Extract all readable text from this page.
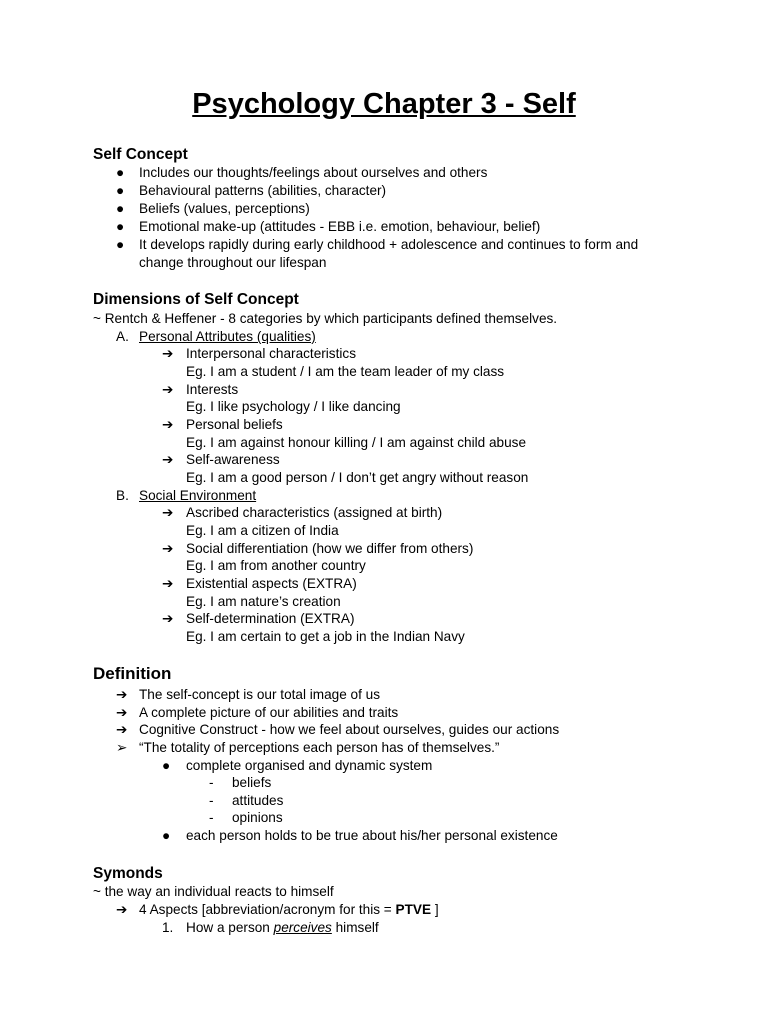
Psychology Chapter 3 - Self
Self Concept
● Includes our thoughts/feelings about ourselves and others

● Behavioural patterns (abilities, character)

● Beliefs (values, perceptions)

● Emotional make-up (attitudes - EBB i.e. emotion, behaviour, belief)

● It develops rapidly during early childhood + adolescence and continues to form and

change throughout our lifespan

Dimensions of Self Concept

~ Rentch & Heffener - 8 categories by which participants defined themselves.

A. Personal Attributes (qualities)

➔ Interpersonal characteristics

Eg. I am a student / I am the team leader of my class

➔ Interests

Eg. I like psychology / I like dancing

➔ Personal beliefs

Eg. I am against honour killing / I am against child abuse

➔ Self-awareness

Eg. I am a good person / I don’t get angry without reason

B. Social Environment

➔ Ascribed characteristics (assigned at birth)

Eg. I am a citizen of India

➔ Social differentiation (how we differ from others)

Eg. I am from another country

➔ Existential aspects (EXTRA)

Eg. I am nature’s creation

➔ Self-determination (EXTRA)

Eg. I am certain to get a job in the Indian Navy

Definition
➔ The self-concept is our total image of us

➔ A complete picture of our abilities and traits

➔ Cognitive Construct - how we feel about ourselves, guides our actions

➢ “The totality of perceptions each person has of themselves.”

● complete organised and dynamic system

- beliefs

- attitudes

- opinions

● each person holds to be true about his/her personal existence

Symonds

~ the way an individual reacts to himself

➔ 4 Aspects [abbreviation/acronym for this = PTVE ]

1. How a person perceives himself
